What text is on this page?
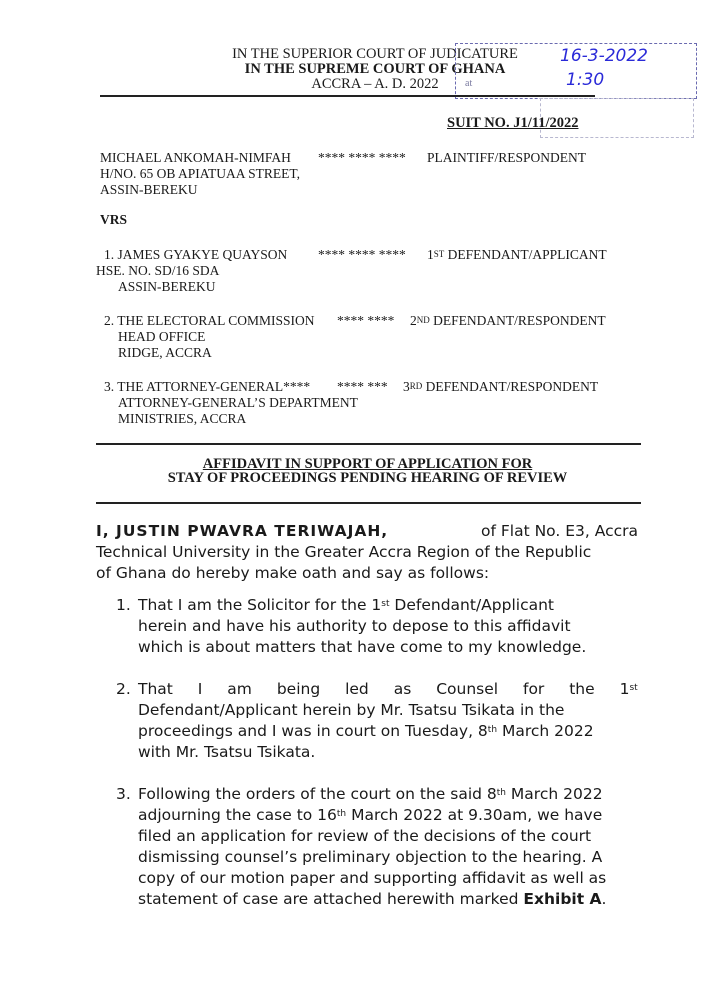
IN THE SUPERIOR COURT OF JUDICATURE
IN THE SUPREME COURT OF GHANA
ACCRA – A. D. 2022
16-3-2022
1:30
at
SUIT NO. J1/11/2022
MICHAEL ANKOMAH-NIMFAH **** **** **** PLAINTIFF/RESPONDENT
H/NO. 65 OB APIATUAA STREET,
ASSIN-BEREKU
VRS
1. JAMES GYAKYE QUAYSON **** **** **** 1ST DEFENDANT/APPLICANT
HSE. NO. SD/16 SDA
ASSIN-BEREKU
2. THE ELECTORAL COMMISSION **** **** 2ND DEFENDANT/RESPONDENT
HEAD OFFICE
RIDGE, ACCRA
3. THE ATTORNEY-GENERAL**** **** *** 3RD DEFENDANT/RESPONDENT
ATTORNEY-GENERAL’S DEPARTMENT
MINISTRIES, ACCRA
AFFIDAVIT IN SUPPORT OF APPLICATION FOR
STAY OF PROCEEDINGS PENDING HEARING OF REVIEW
I, JUSTIN PWAVRA TERIWAJAH,	of Flat No. E3, Accra
Technical University in the Greater Accra Region of the Republic
of Ghana do hereby make oath and say as follows:
1. That I am the Solicitor for the 1st Defendant/Applicant
herein and have his authority to depose to this affidavit
which is about matters that have come to my knowledge.
2. That I am being led as Counsel for the 1st
Defendant/Applicant herein by Mr. Tsatsu Tsikata in the
proceedings and I was in court on Tuesday, 8th March 2022
with Mr. Tsatsu Tsikata.
3. Following the orders of the court on the said 8th March 2022
adjourning the case to 16th March 2022 at 9.30am, we have
filed an application for review of the decisions of the court
dismissing counsel’s preliminary objection to the hearing. A
copy of our motion paper and supporting affidavit as well as
statement of case are attached herewith marked Exhibit A.
